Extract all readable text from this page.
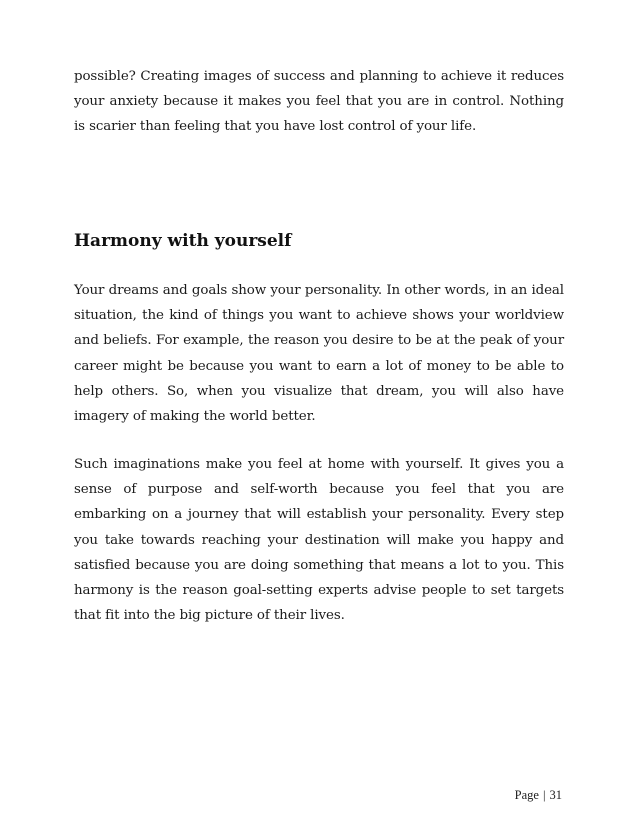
possible? Creating images of success and planning to achieve it reduces your anxiety because it makes you feel that you are in control. Nothing is scarier than feeling that you have lost control of your life.

Harmony with yourself

Your dreams and goals show your personality. In other words, in an ideal situation, the kind of things you want to achieve shows your worldview and beliefs. For example, the reason you desire to be at the peak of your career might be because you want to earn a lot of money to be able to help others. So, when you visualize that dream, you will also have imagery of making the world better.

Such imaginations make you feel at home with yourself. It gives you a sense of purpose and self-worth because you feel that you are embarking on a journey that will establish your personality. Every step you take towards reaching your destination will make you happy and satisfied because you are doing something that means a lot to you. This harmony is the reason goal-setting experts advise people to set targets that fit into the big picture of their lives.

Page | 31
